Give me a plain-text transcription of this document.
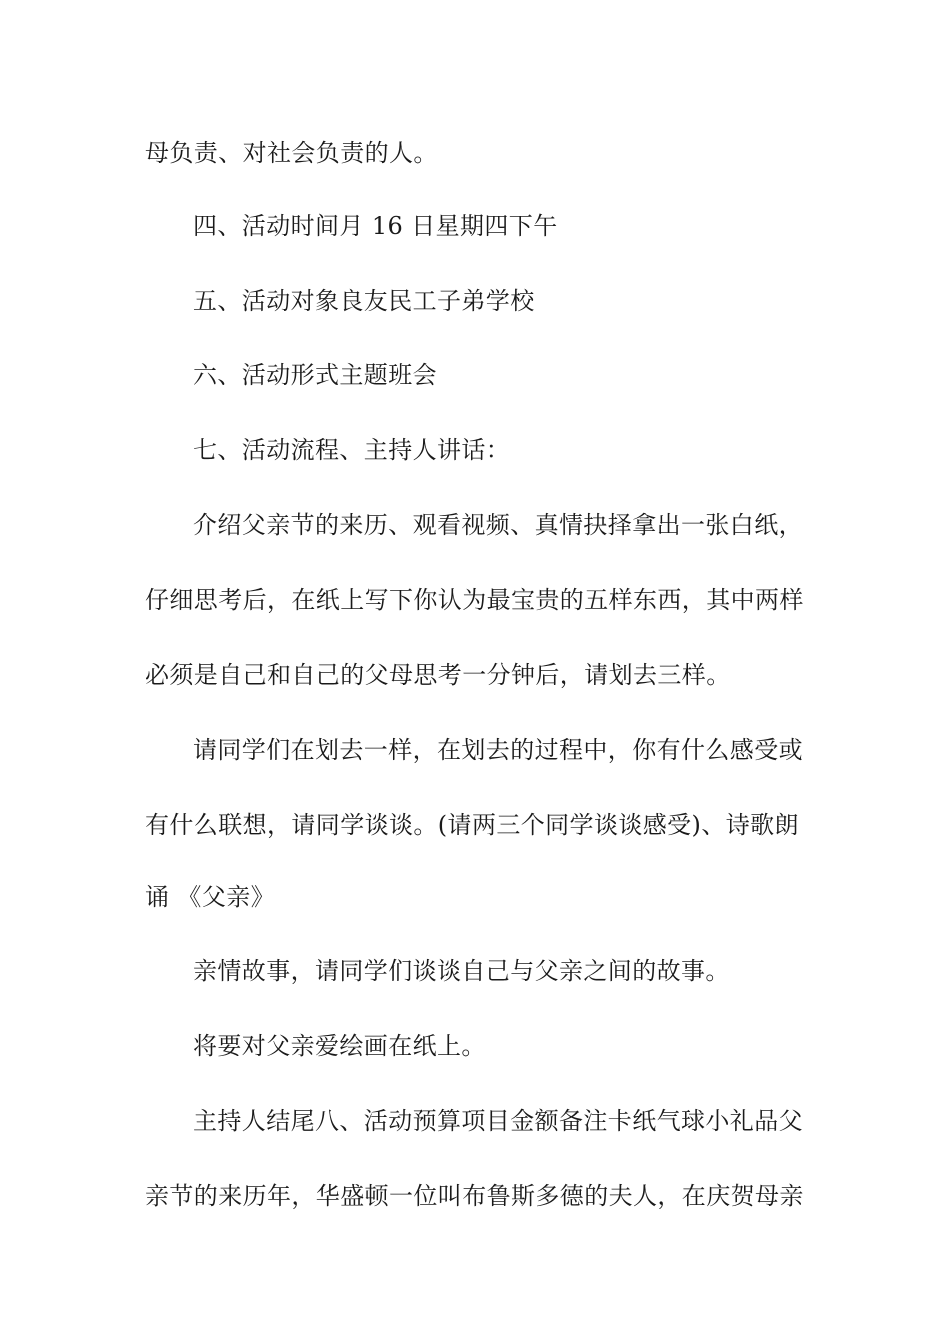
母负责、对社会负责的人。
四、活动时间月 16 日星期四下午
五、活动对象良友民工子弟学校
六、活动形式主题班会
七、活动流程、主持人讲话：
介绍父亲节的来历、观看视频、真情抉择拿出一张白纸，
仔细思考后，在纸上写下你认为最宝贵的五样东西，其中两样
必须是自己和自己的父母思考一分钟后，请划去三样。
请同学们在划去一样，在划去的过程中，你有什么感受或
有什么联想，请同学谈谈。(请两三个同学谈谈感受)、诗歌朗
诵 《父亲》
亲情故事，请同学们谈谈自己与父亲之间的故事。
将要对父亲爱绘画在纸上。
主持人结尾八、活动预算项目金额备注卡纸气球小礼品父
亲节的来历年，华盛顿一位叫布鲁斯多德的夫人，在庆贺母亲
